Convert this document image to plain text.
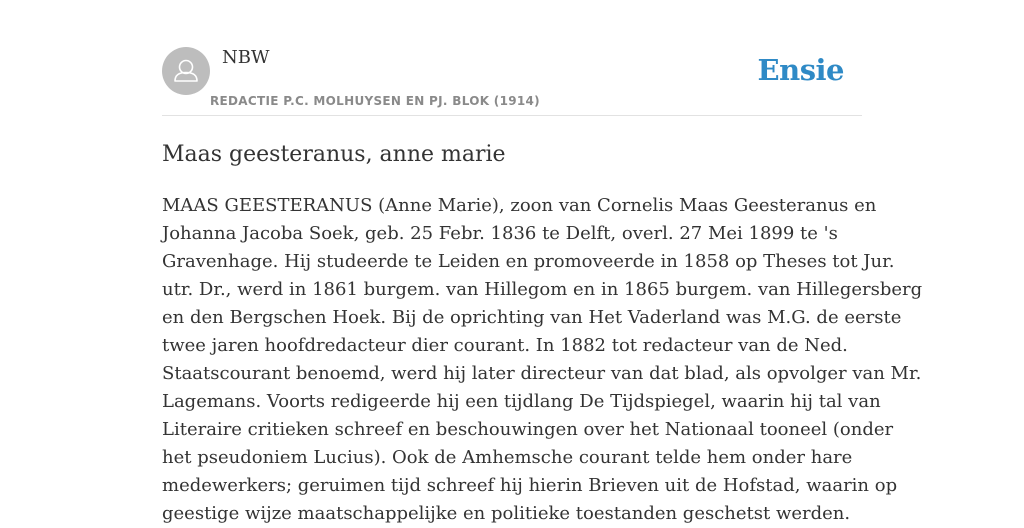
NBW
REDACTIE P.C. MOLHUYSEN EN PJ. BLOK (1914)
Ensie
Maas geesteranus, anne marie

MAAS GEESTERANUS (Anne Marie), zoon van Cornelis Maas Geesteranus en
Johanna Jacoba Soek, geb. 25 Febr. 1836 te Delft, overl. 27 Mei 1899 te 's
Gravenhage. Hij studeerde te Leiden en promoveerde in 1858 op Theses tot Jur.
utr. Dr., werd in 1861 burgem. van Hillegom en in 1865 burgem. van Hillegersberg
en den Bergschen Hoek. Bij de oprichting van Het Vaderland was M.G. de eerste
twee jaren hoofdredacteur dier courant. In 1882 tot redacteur van de Ned.
Staatscourant benoemd, werd hij later directeur van dat blad, als opvolger van Mr.
Lagemans. Voorts redigeerde hij een tijdlang De Tijdspiegel, waarin hij tal van
Literaire critieken schreef en beschouwingen over het Nationaal tooneel (onder
het pseudoniem Lucius). Ook de Amhemsche courant telde hem onder hare
medewerkers; geruimen tijd schreef hij hierin Brieven uit de Hofstad, waarin op
geestige wijze maatschappelijke en politieke toestanden geschetst werden.
